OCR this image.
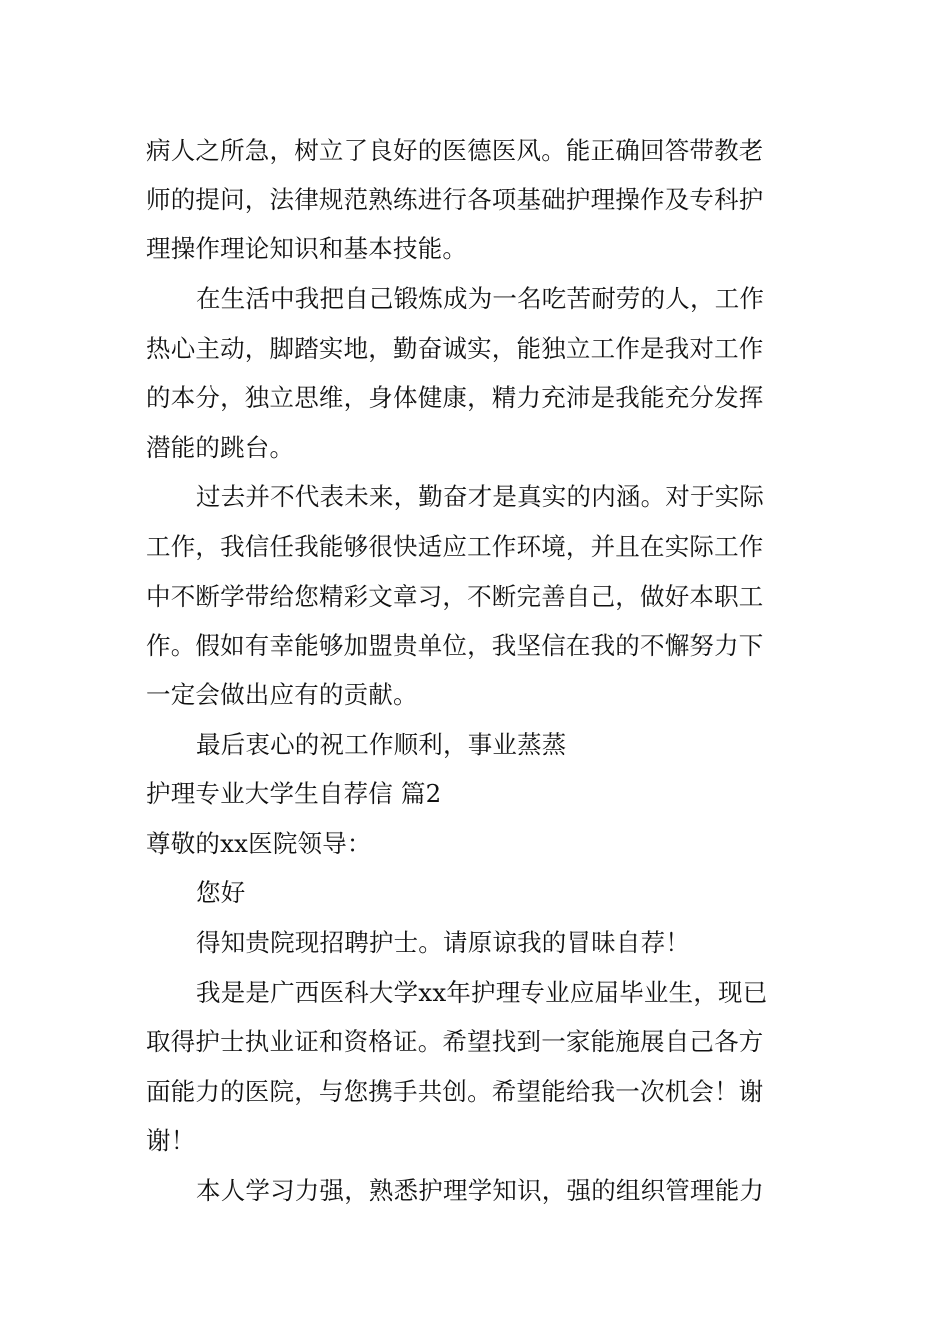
病人之所急，树立了良好的医德医风。能正确回答带教老
师的提问，法律规范熟练进行各项基础护理操作及专科护
理操作理论知识和基本技能。
在生活中我把自己锻炼成为一名吃苦耐劳的人，工作
热心主动，脚踏实地，勤奋诚实，能独立工作是我对工作
的本分，独立思维，身体健康，精力充沛是我能充分发挥
潜能的跳台。
过去并不代表未来，勤奋才是真实的内涵。对于实际
工作，我信任我能够很快适应工作环境，并且在实际工作
中不断学带给您精彩文章习，不断完善自己，做好本职工
作。假如有幸能够加盟贵单位，我坚信在我的不懈努力下
一定会做出应有的贡献。
最后衷心的祝工作顺利，事业蒸蒸
护理专业大学生自荐信 篇2
尊敬的xx医院领导：
您好
得知贵院现招聘护士。请原谅我的冒昧自荐！
我是是广西医科大学xx年护理专业应届毕业生，现已
取得护士执业证和资格证。希望找到一家能施展自己各方
面能力的医院，与您携手共创。希望能给我一次机会！谢
谢！
本人学习力强，熟悉护理学知识，强的组织管理能力
